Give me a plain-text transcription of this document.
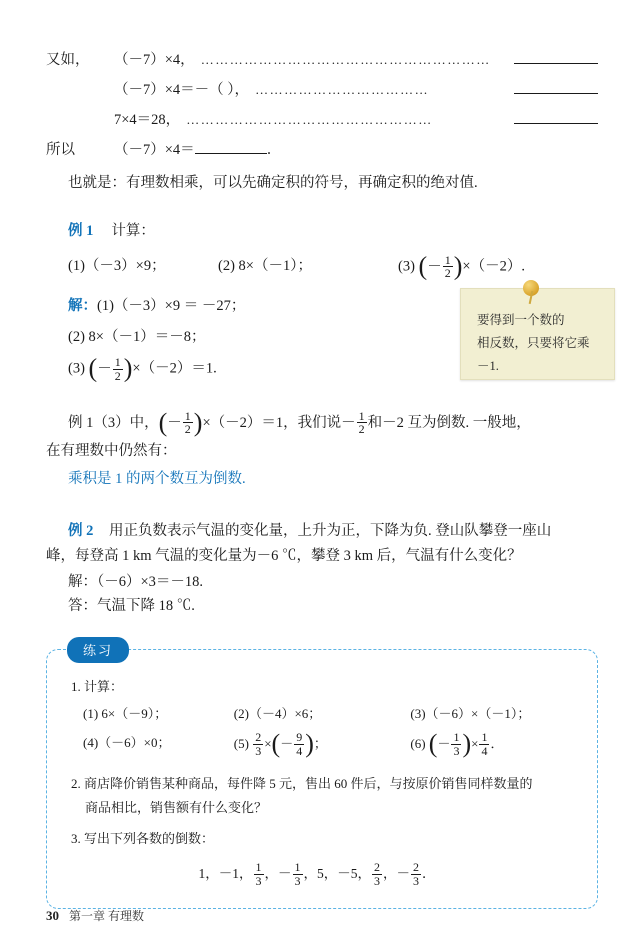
又如，	（－7）×4， ……………………………………………………
（－7）×4＝－（ ）， ………………………………
7×4＝28， ……………………………………………
所以	（－7）×4＝	．

也就是：有理数相乘，可以先确定积的符号，再确定积的绝对值.

例 1 计算：
(1)（－3）×9；	(2) 8×（－1）；	(3) (－ $\frac{1}{2} )\times(-2)$.
解：(1)（－3）×9 ＝ －27；
(2) 8×（－1）＝－8；
(3) (－ $\frac{1}{2} )\times(-2)=1$.

例 1（3）中，(－ $\frac{1}{2} )\times(-2)=1$，我们说－ $\frac{1}{2}$ 和－2 互为倒数. 一般地，

在有理数中仍然有：

乘积是 1 的两个数互为倒数.

例 2 用正负数表示气温的变化量，上升为正，下降为负. 登山队攀登一座山

峰，每登高 1 km 气温的变化量为－6 ℃，攀登 3 km 后，气温有什么变化？

解：（－6）×3＝－18.

答：气温下降 18 ℃.

练习
1. 计算：
(1) 6×（－9）；	(2)（－4）×6；	(3)（－6）×（－1）；
(4)（－6）×0；	$(5) \frac{2}{3}$ ×(－ $\frac{9}{4}$ )；	(6) (－ $\frac{1}{3}$ )× $\frac{1}{4}$ ．
2. 商店降价销售某种商品，每件降 5 元，售出 60 件后，与按原价销售同样数量的
商品相比，销售额有什么变化？
3. 写出下列各数的倒数：
1，－1， $\frac{1}{3}$ ，－ $\frac{1}{3}$ ，5，－5， $\frac{2}{3}$ ，－ $\frac{2}{3}$ ．
要得到一个数的
相反数，只要将它乘
－1.
30 第一章 有理数
